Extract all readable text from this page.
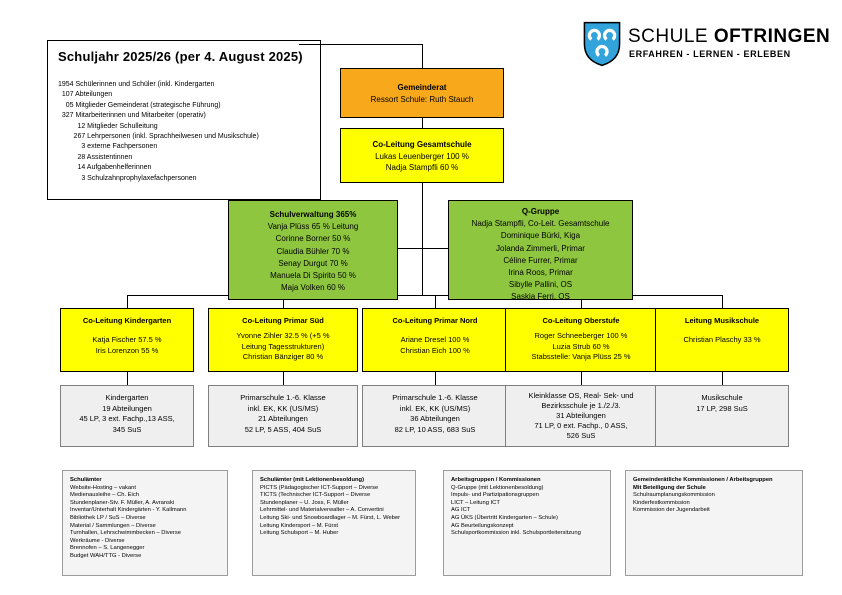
Schuljahr 2025/26 (per 4. August 2025)
1954 Schülerinnen und Schüler (inkl. Kindergarten
107 Abteilungen
05 Mitglieder Gemeinderat (strategische Führung)
327 Mitarbeiterinnen und Mitarbeiter (operativ)
12 Mitglieder Schulleitung
267 Lehrpersonen (inkl. Sprachheilwesen und Musikschule)
3 externe Fachpersonen
28 Assistentinnen
14 Aufgabenhelferinnen
3 Schulzahnprophylaxefachpersonen
SCHULE OFTRINGEN
ERFAHREN - LERNEN - ERLEBEN
Gemeinderat
Ressort Schule: Ruth Stauch
Co-Leitung Gesamtschule
Lukas Leuenberger 100 %
Nadja Stampfli 60 %
Schulverwaltung 365%
Vanja Plüss 65 % Leitung
Corinne Borner 50 %
Claudia Bühler 70 %
Senay Durgut 70 %
Manuela Di Spirito 50 %
Maja Volken 60 %
Q-Gruppe
Nadja Stampfli, Co-Leit. Gesamtschule
Dominique Bürki, Kiga
Jolanda Zimmerli, Primar
Céline Furrer, Primar
Irina Roos, Primar
Sibylle Pallini, OS
Saskia Ferri, OS
Co-Leitung Kindergarten
Katja Fischer 57.5 %
Iris Lorenzon 55 %
Co-Leitung Primar Süd
Yvonne Zihler 32.5 % (+5 %
Leitung Tagesstrukturen)
Christian Bänziger 80 %
Co-Leitung Primar Nord
Ariane Dresel 100 %
Christian Eich 100 %
Co-Leitung Oberstufe
Roger Schneeberger 100 %
Luzia Strub 60 %
Stabsstelle: Vanja Plüss 25 %
Leitung Musikschule
Christian Plaschy 33 %
Kindergarten
19 Abteilungen
45 LP, 3 ext. Fachp.,13 ASS,
345 SuS
Primarschule 1.-6. Klasse
inkl. EK, KK (US/MS)
21 Abteilungen
52 LP, 5 ASS, 404 SuS
Primarschule 1.-6. Klasse
inkl. EK, KK (US/MS)
36 Abteilungen
82 LP, 10 ASS, 683 SuS
Kleinklasse OS, Real- Sek- und
Bezirksschule je 1./2./3.
31 Abteilungen
71 LP, 0 ext. Fachp., 0 ASS,
526 SuS
Musikschule
17 LP, 298 SuS
Schulämter
Website-Hosting – vakant
Medienausleihe – Ch. Eich
Stundenplaner-Stv. F. Müller, A. Avranski
Inventar/Unterhalt Kindergärten - Y. Kallmann
Bibliothek LP / SuS – Diverse
Material / Sammlungen – Diverse
Turnhallen, Lehrschwimmbecken – Diverse
Werkräume - Diverse
Brennofen – S. Langenegger
Budget WAH/TTG - Diverse
Schulämter (mit Lektionenbesoldung)
PICTS (Pädagogischer ICT-Support – Diverse
TICTS (Technischer ICT-Support – Diverse
Stundenplaner – U. Joss, F. Müller
Lehrmittel- und Materialverwalter – A. Convertini
Leitung Ski- und Snowboardlager – M. Fürst, L. Weber
Leitung Kindersport – M. Fürst
Leitung Schulsport – M. Huber
Arbeitsgruppen / Kommissionen
Q-Gruppe (mit Lektionenbesoldung)
Impuls- und Partizipationsgruppen
LICT – Leitung ICT
AG ICT
AG ÜKS (Übertritt Kindergarten – Schule)
AG Beurteilungskonzept
Schulsportkommission inkl. Schulsportleitersitzung
Gemeinderätliche Kommissionen / Arbeitsgruppen
Mit Beteiligung der Schule
Schulraumplanungskommission
Kinderfestkommission
Kommission der Jugendarbeit
